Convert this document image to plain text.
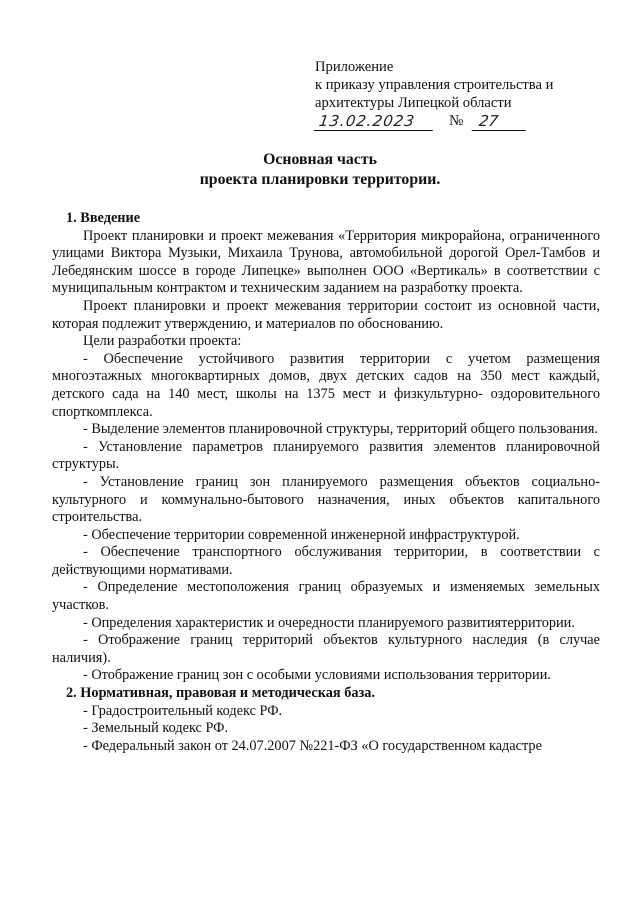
Приложение
к приказу управления строительства и
архитектуры Липецкой области
13.02.2023	№ 27
Основная часть
проекта планировки территории.

1. Введение

Проект планировки и проект межевания «Территория микрорайона, ограниченного улицами Виктора Музыки, Михаила Трунова, автомобильной дорогой Орел-Тамбов и Лебедянским шоссе в городе Липецке» выполнен ООО «Вертикаль» в соответствии с муниципальным контрактом и техническим заданием на разработку проекта.

Проект планировки и проект межевания территории состоит из основной части, которая подлежит утверждению, и материалов по обоснованию.

Цели разработки проекта:

- Обеспечение устойчивого развития территории с учетом размещения многоэтажных многоквартирных домов, двух детских садов на 350 мест каждый, детского сада на 140 мест, школы на 1375 мест и физкультурно- оздоровительного спорткомплекса.

- Выделение элементов планировочной структуры, территорий общего пользования.

- Установление параметров планируемого развития элементов планировочной структуры.

- Установление границ зон планируемого размещения объектов социально-культурного и коммунально-бытового назначения, иных объектов капитального строительства.

- Обеспечение территории современной инженерной инфраструктурой.

- Обеспечение транспортного обслуживания территории, в соответствии с действующими нормативами.

- Определение местоположения границ образуемых и изменяемых земельных участков.

- Определения характеристик и очередности планируемого развитиятерритории.

- Отображение границ территорий объектов культурного наследия (в случае наличия).

- Отображение границ зон с особыми условиями использования территории.

2. Нормативная, правовая и методическая база.

- Градостроительный кодекс РФ.

- Земельный кодекс РФ.

- Федеральный закон от 24.07.2007 №221-ФЗ «О государственном кадастре
